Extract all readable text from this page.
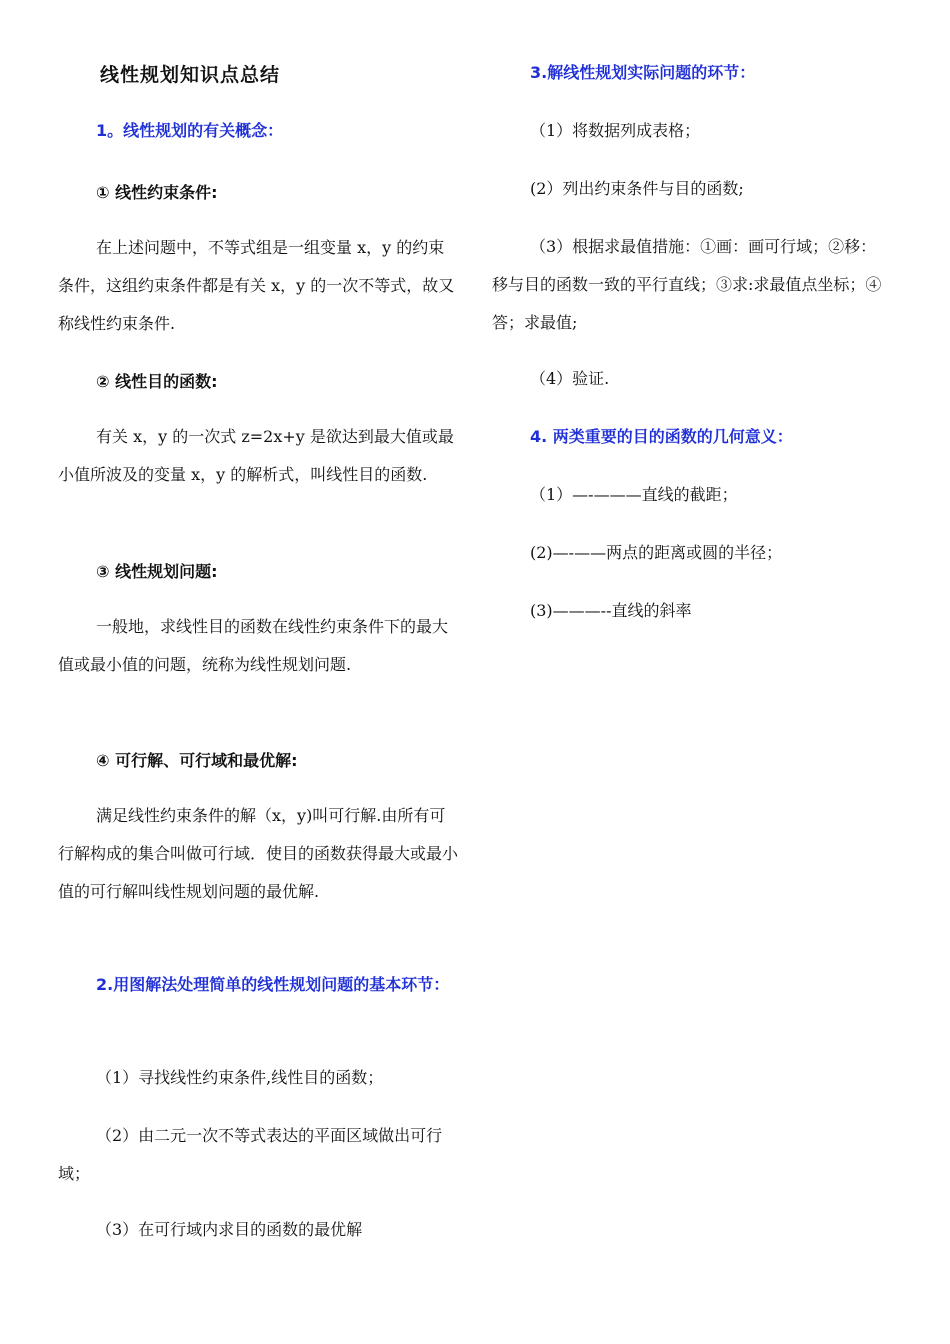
线性规划知识点总结
1。线性规划的有关概念：
① 线性约束条件:

在上述问题中，不等式组是一组变量 x，y 的约束条件，这组约束条件都是有关 x，y 的一次不等式，故又称线性约束条件.

② 线性目的函数:

有关 x，y 的一次式 z=2x+y 是欲达到最大值或最小值所波及的变量 x，y 的解析式，叫线性目的函数.

③ 线性规划问题:

一般地，求线性目的函数在线性约束条件下的最大值或最小值的问题，统称为线性规划问题.

④ 可行解、可行域和最优解:

满足线性约束条件的解（x，y)叫可行解.由所有可行解构成的集合叫做可行域．使目的函数获得最大或最小值的可行解叫线性规划问题的最优解.

2.用图解法处理简单的线性规划问题的基本环节：

（1）寻找线性约束条件,线性目的函数；

（2）由二元一次不等式表达的平面区域做出可行域；

（3）在可行域内求目的函数的最优解
3.解线性规划实际问题的环节：
（1）将数据列成表格；
(2）列出约束条件与目的函数;

（3）根据求最值措施：①画：画可行域；②移：移与目的函数一致的平行直线；③求:求最值点坐标；④答；求最值;

（4）验证.
4. 两类重要的目的函数的几何意义：
（1）—-———直线的截距；
(2)—-——两点的距离或圆的半径；
(3)———--直线的斜率
